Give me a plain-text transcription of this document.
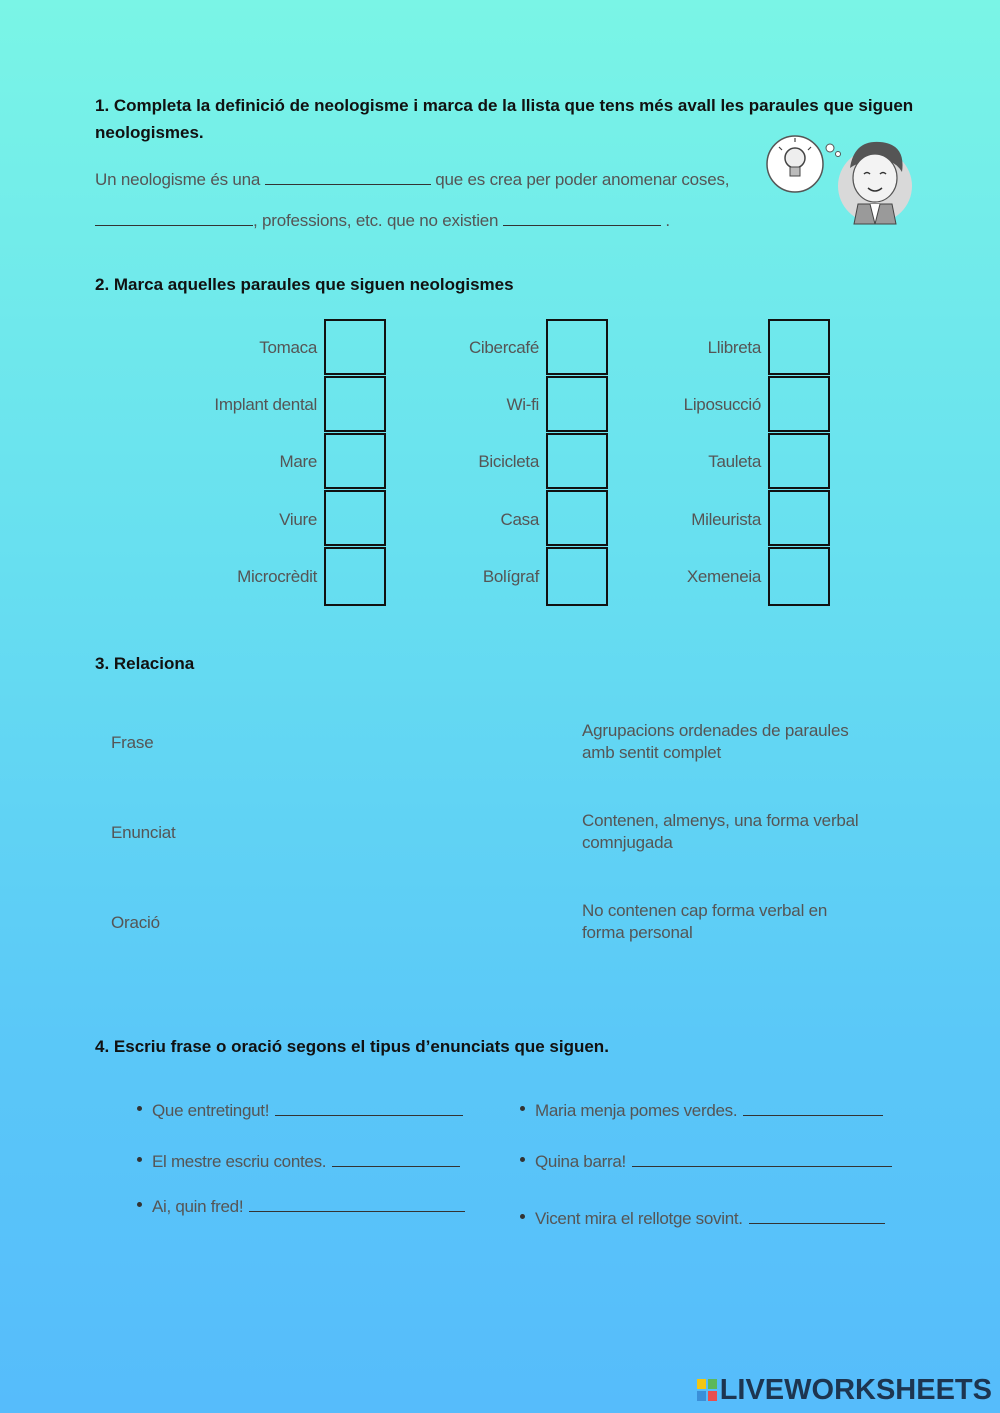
1. Completa la definició de neologisme i marca de la llista que tens més avall les paraules que siguen neologismes.
Un neologisme és una	que es crea per poder anomenar coses,
, professions, etc. que no existien	.
2. Marca aquelles paraules que siguen neologismes
Tomaca
Implant dental
Mare
Viure
Microcrèdit
Cibercafé
Wi-fi
Bicicleta
Casa
Bolígraf
Llibreta
Liposucció
Tauleta
Mileurista
Xemeneia
3. Relaciona
Frase
Enunciat
Oració
Agrupacions ordenades de paraules
amb sentit complet
Contenen, almenys, una forma verbal
comnjugada
No contenen cap forma verbal en
forma personal
4. Escriu frase o oració segons el tipus d’enunciats que siguen.
Que entretingut!
El mestre escriu contes.
Ai, quin fred!
Maria menja pomes verdes.
Quina barra!
Vicent mira el rellotge sovint.
LIVEWORKSHEETS
